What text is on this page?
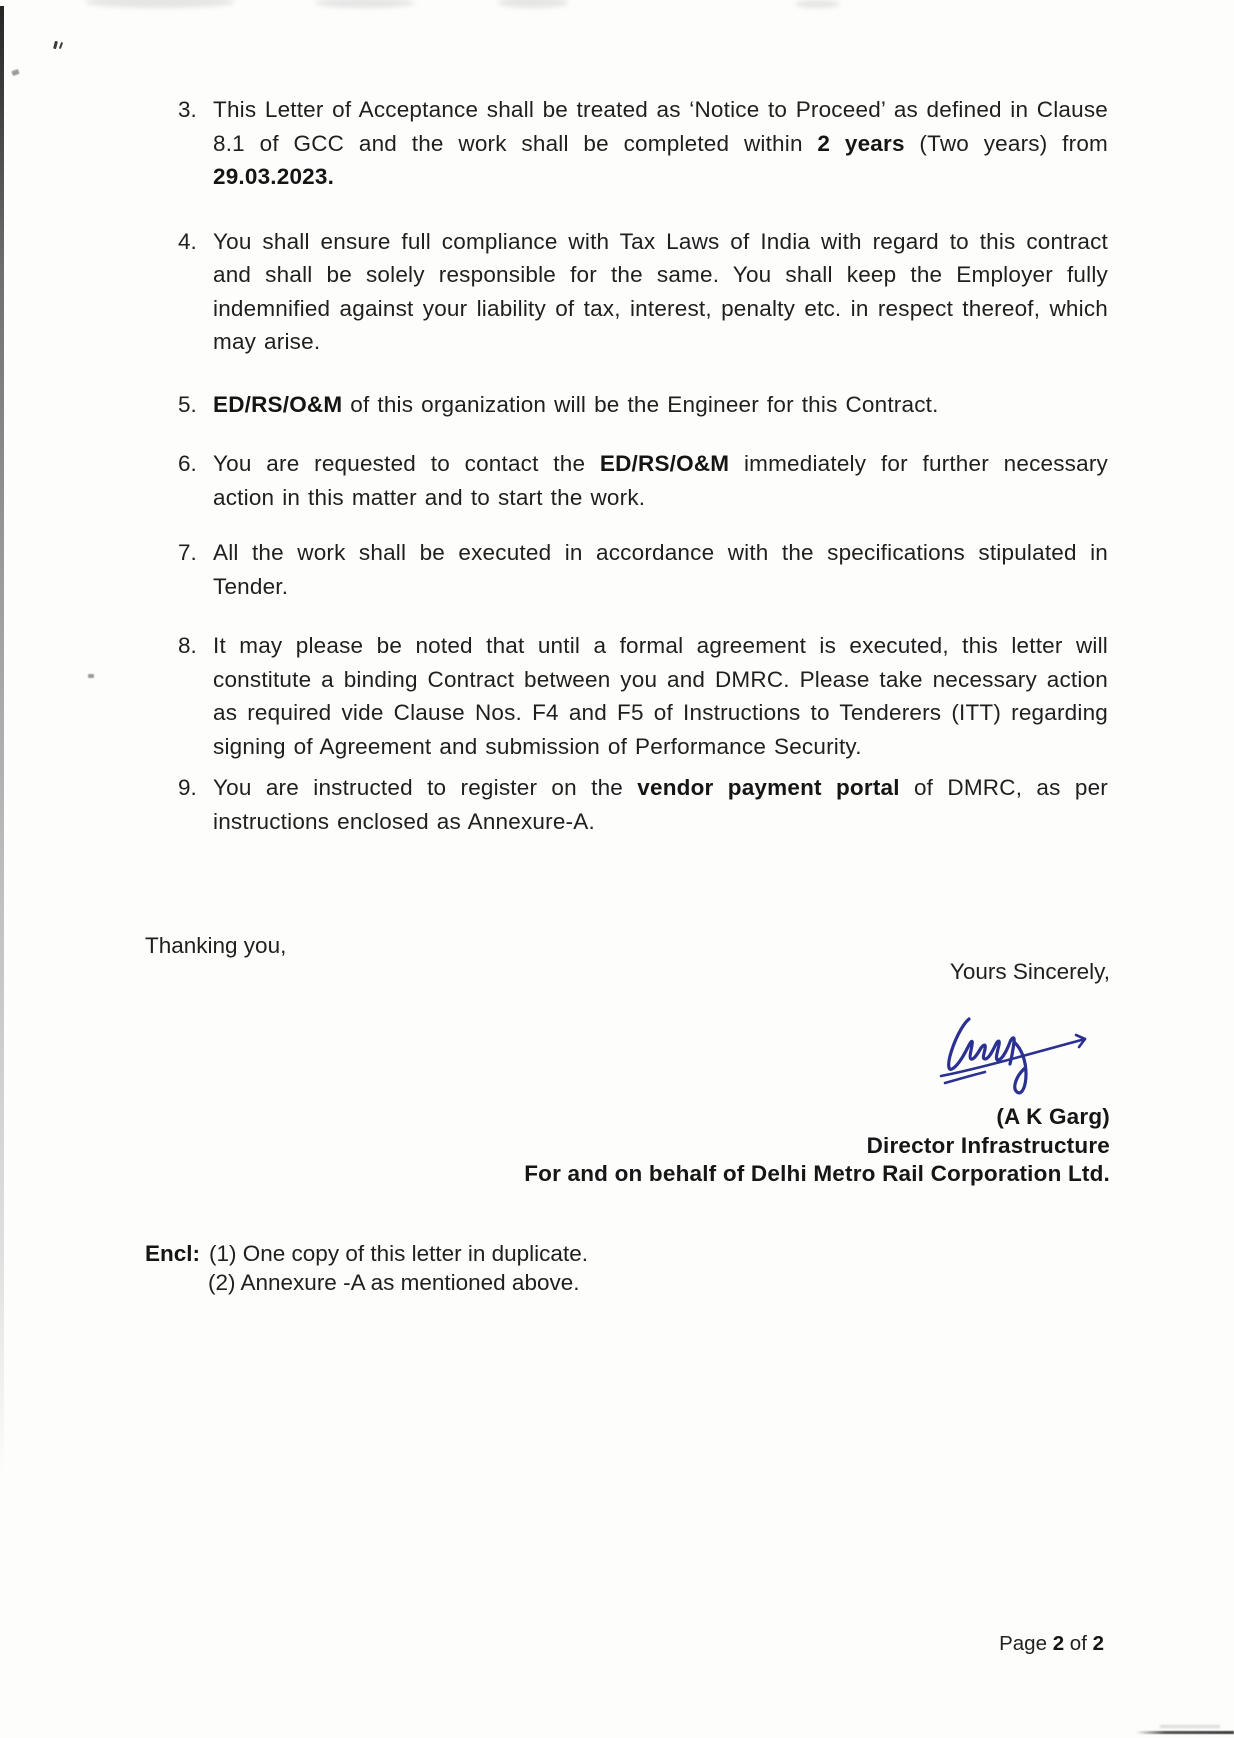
3. This Letter of Acceptance shall be treated as ‘Notice to Proceed’ as defined in Clause 8.1 of GCC and the work shall be completed within 2 years (Two years) from 29.03.2023.

4. You shall ensure full compliance with Tax Laws of India with regard to this contract and shall be solely responsible for the same. You shall keep the Employer fully indemnified against your liability of tax, interest, penalty etc. in respect thereof, which may arise.

5. ED/RS/O&M of this organization will be the Engineer for this Contract.

6. You are requested to contact the ED/RS/O&M immediately for further necessary action in this matter and to start the work.

7. All the work shall be executed in accordance with the specifications stipulated in Tender.

8. It may please be noted that until a formal agreement is executed, this letter will constitute a binding Contract between you and DMRC. Please take necessary action as required vide Clause Nos. F4 and F5 of Instructions to Tenderers (ITT) regarding signing of Agreement and submission of Performance Security.

9. You are instructed to register on the vendor payment portal of DMRC, as per instructions enclosed as Annexure-A.

Thanking you,

Yours Sincerely,
(A K Garg)
Director Infrastructure
For and on behalf of Delhi Metro Rail Corporation Ltd.
Encl: (1) One copy of this letter in duplicate.
(2) Annexure -A as mentioned above.
Page 2 of 2
